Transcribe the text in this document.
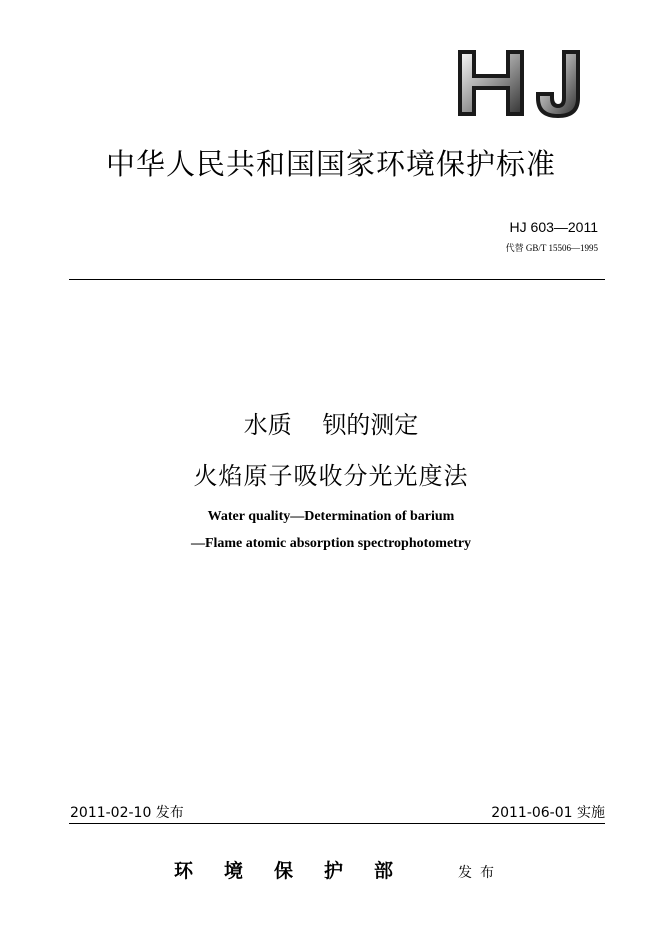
中华人民共和国国家环境保护标准
HJ 603—2011
代替 GB/T 15506—1995
水质    钡的测定
火焰原子吸收分光光度法
Water quality—Determination of barium
—Flame atomic absorption spectrophotometry
2011-02-10 发布	2011-06-01 实施
环境保护部 发布
